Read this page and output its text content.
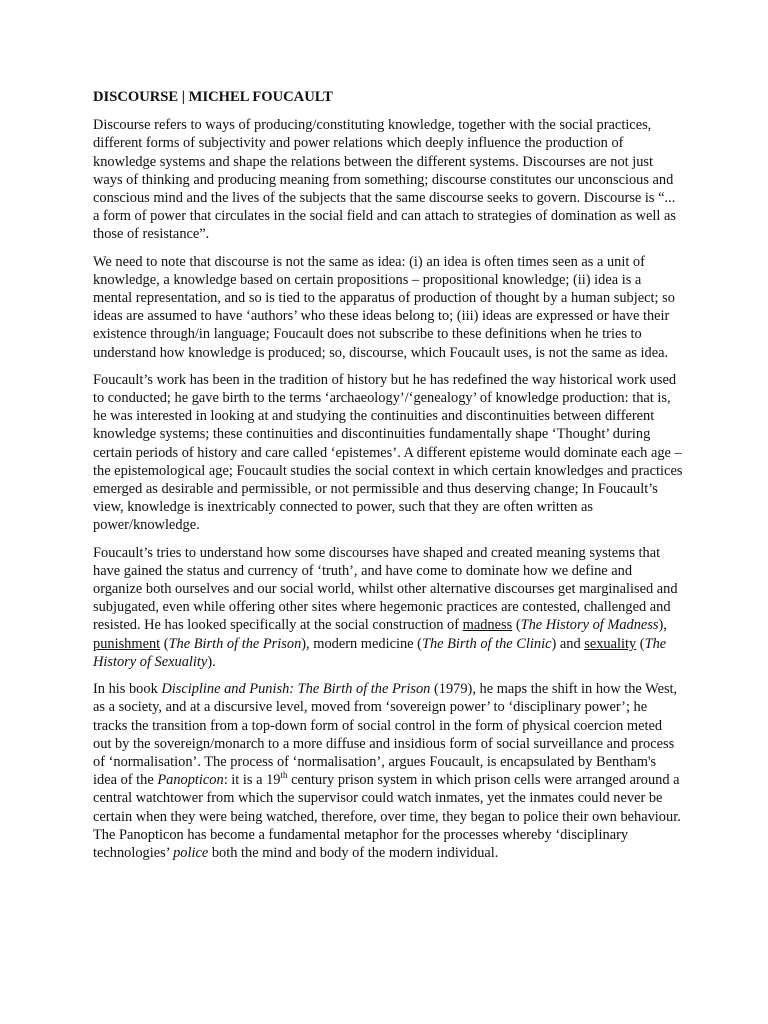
DISCOURSE | MICHEL FOUCAULT

Discourse refers to ways of producing/constituting knowledge, together with the social practices, different forms of subjectivity and power relations which deeply influence the production of knowledge systems and shape the relations between the different systems. Discourses are not just ways of thinking and producing meaning from something; discourse constitutes our unconscious and conscious mind and the lives of the subjects that the same discourse seeks to govern. Discourse is “... a form of power that circulates in the social field and can attach to strategies of domination as well as those of resistance”.

We need to note that discourse is not the same as idea: (i) an idea is often times seen as a unit of knowledge, a knowledge based on certain propositions – propositional knowledge; (ii) idea is a mental representation, and so is tied to the apparatus of production of thought by a human subject; so ideas are assumed to have ‘authors’ who these ideas belong to; (iii) ideas are expressed or have their existence through/in language; Foucault does not subscribe to these definitions when he tries to understand how knowledge is produced; so, discourse, which Foucault uses, is not the same as idea.

Foucault’s work has been in the tradition of history but he has redefined the way historical work used to conducted; he gave birth to the terms ‘archaeology’/‘genealogy’ of knowledge production: that is, he was interested in looking at and studying the continuities and discontinuities between different knowledge systems; these continuities and discontinuities fundamentally shape ‘Thought’ during certain periods of history and care called ‘epistemes’. A different episteme would dominate each age – the epistemological age; Foucault studies the social context in which certain knowledges and practices emerged as desirable and permissible, or not permissible and thus deserving change; In Foucault’s view, knowledge is inextricably connected to power, such that they are often written as power/knowledge.

Foucault’s tries to understand how some discourses have shaped and created meaning systems that have gained the status and currency of ‘truth’, and have come to dominate how we define and organize both ourselves and our social world, whilst other alternative discourses get marginalised and subjugated, even while offering other sites where hegemonic practices are contested, challenged and resisted. He has looked specifically at the social construction of madness (The History of Madness), punishment (The Birth of the Prison), modern medicine (The Birth of the Clinic) and sexuality (The History of Sexuality).

In his book Discipline and Punish: The Birth of the Prison (1979), he maps the shift in how the West, as a society, and at a discursive level, moved from ‘sovereign power’ to ‘disciplinary power’; he tracks the transition from a top-down form of social control in the form of physical coercion meted out by the sovereign/monarch to a more diffuse and insidious form of social surveillance and process of ‘normalisation’. The process of ‘normalisation’, argues Foucault, is encapsulated by Bentham's idea of the Panopticon: it is a 19th century prison system in which prison cells were arranged around a central watchtower from which the supervisor could watch inmates, yet the inmates could never be certain when they were being watched, therefore, over time, they began to police their own behaviour. The Panopticon has become a fundamental metaphor for the processes whereby ‘disciplinary technologies’ police both the mind and body of the modern individual.
